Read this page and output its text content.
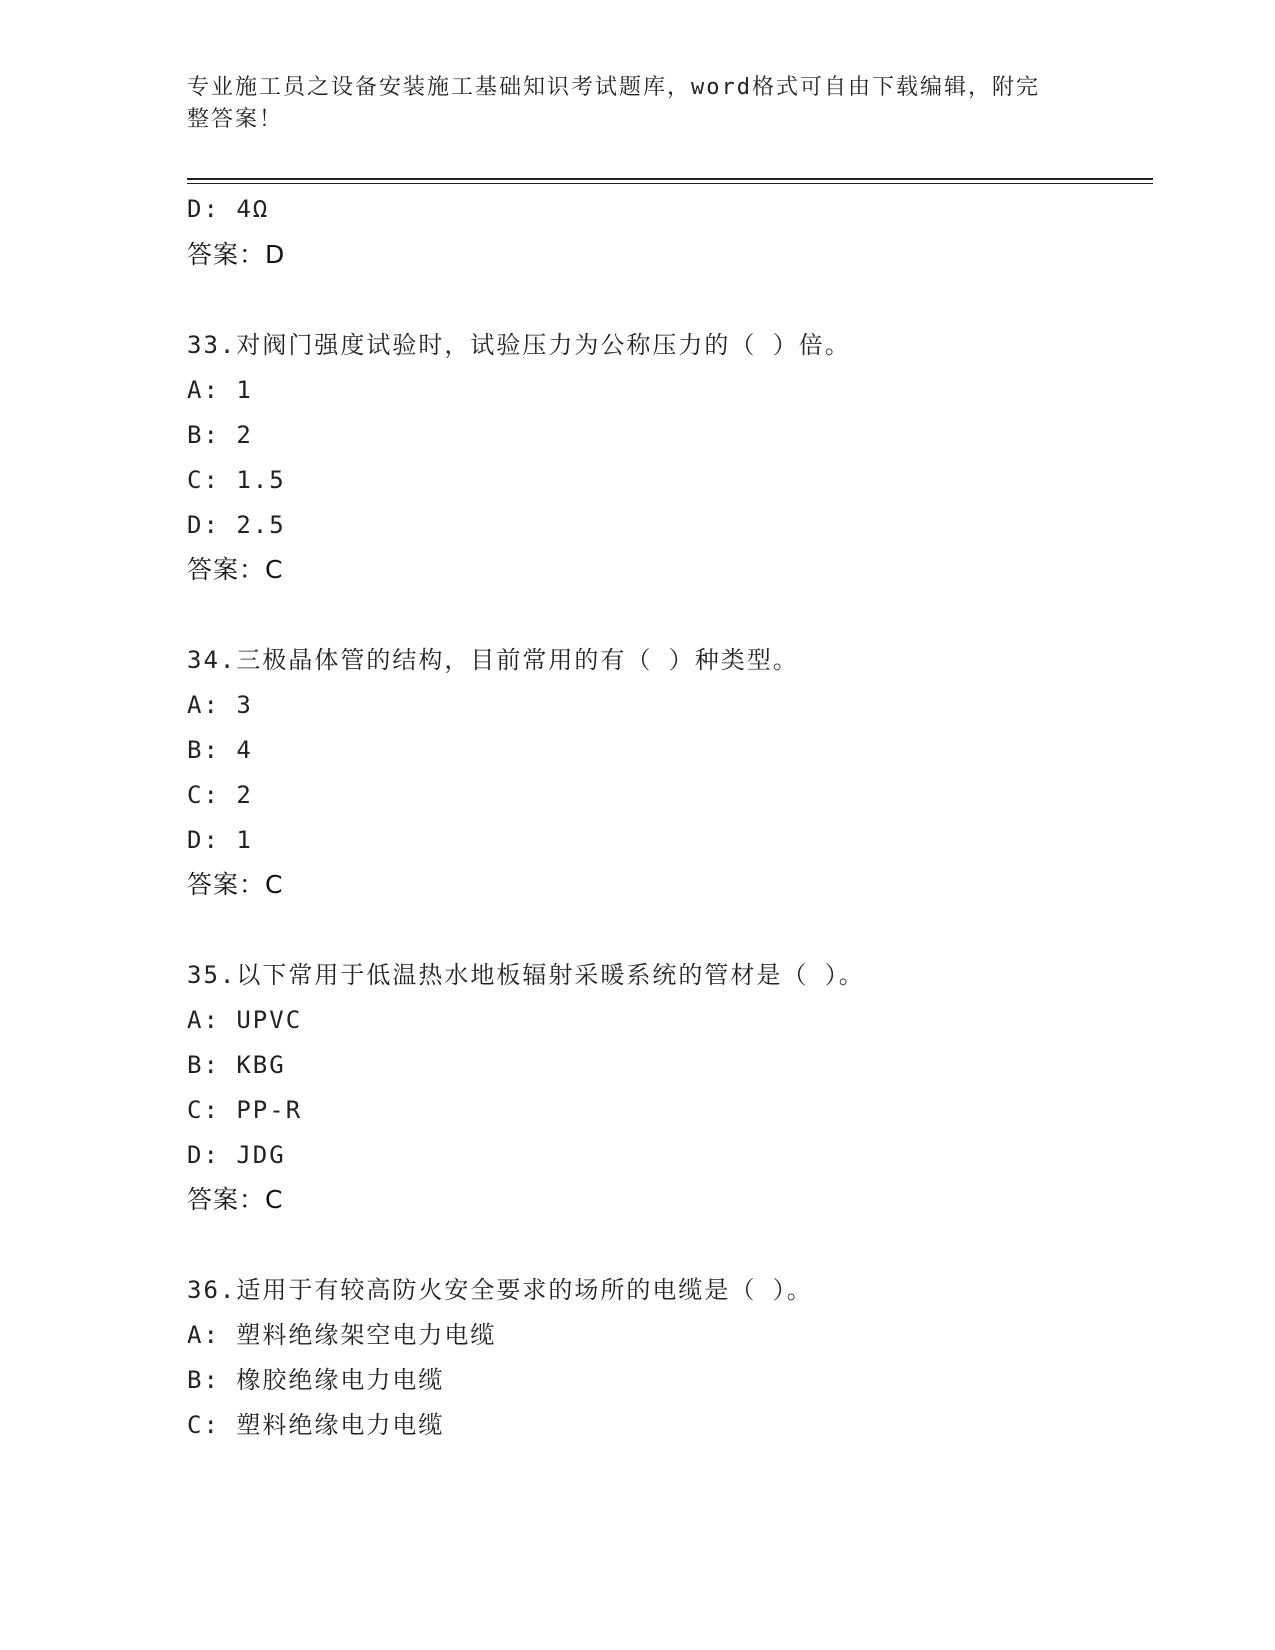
专业施工员之设备安装施工基础知识考试题库，word格式可自由下载编辑，附完
整答案！
D: 4Ω
答案：D
33.对阀门强度试验时，试验压力为公称压力的（ ）倍。
A: 1
B: 2
C: 1.5
D: 2.5
答案：C
34.三极晶体管的结构，目前常用的有（ ）种类型。
A: 3
B: 4
C: 2
D: 1
答案：C
35.以下常用于低温热水地板辐射采暖系统的管材是（ ）。
A: UPVC
B: KBG
C: PP-R
D: JDG
答案：C
36.适用于有较高防火安全要求的场所的电缆是（ ）。
A: 塑料绝缘架空电力电缆
B: 橡胶绝缘电力电缆
C: 塑料绝缘电力电缆
